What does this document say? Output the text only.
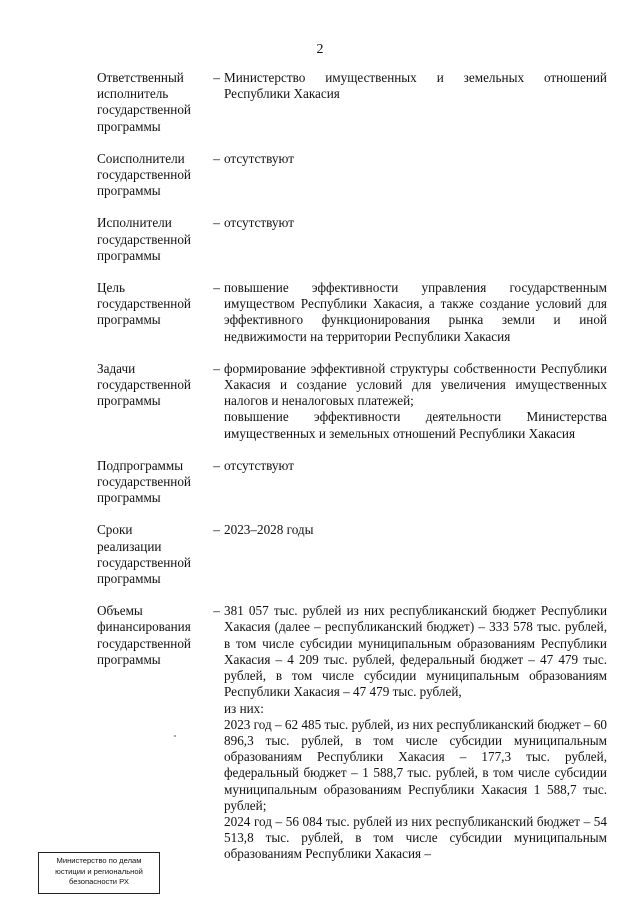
2
Ответственный
исполнитель
государственной
программы
– Министерство имущественных и земельных отношений Республики Хакасия
Соисполнители
государственной
программы
– отсутствуют
Исполнители
государственной
программы
– отсутствуют
Цель
государственной
программы
– повышение эффективности управления государственным имуществом Республики Хакасия, а также создание условий для эффективного функционирования рынка земли и иной недвижимости на территории Республики Хакасия
Задачи
государственной
программы
– формирование эффективной структуры собственности Республики Хакасия и создание условий для увеличения имущественных налогов и неналоговых платежей;
повышение эффективности деятельности Министерства имущественных и земельных отношений Республики Хакасия
Подпрограммы
государственной
программы
– отсутствуют
Сроки
реализации
государственной
программы
– 2023–2028 годы
Объемы
финансирования
государственной
программы
– 381 057 тыс. рублей из них республиканский бюджет Республики Хакасия (далее – республиканский бюджет) – 333 578 тыс. рублей, в том числе субсидии муниципальным образованиям Республики Хакасия – 4 209 тыс. рублей, федеральный бюджет – 47 479 тыс. рублей, в том числе субсидии муниципальным образованиям Республики Хакасия – 47 479 тыс. рублей,
из них:
2023 год – 62 485 тыс. рублей, из них республиканский бюджет – 60 896,3 тыс. рублей, в том числе субсидии муниципальным образованиям Республики Хакасия – 177,3 тыс. рублей, федеральный бюджет – 1 588,7 тыс. рублей, в том числе субсидии муниципальным образованиям Республики Хакасия 1 588,7 тыс. рублей;
2024 год – 56 084 тыс. рублей из них республиканский бюджет – 54 513,8 тыс. рублей, в том числе субсидии муниципальным образованиям Республики Хакасия –
Министерство по делам
юстиции и региональной
безопасности РХ
